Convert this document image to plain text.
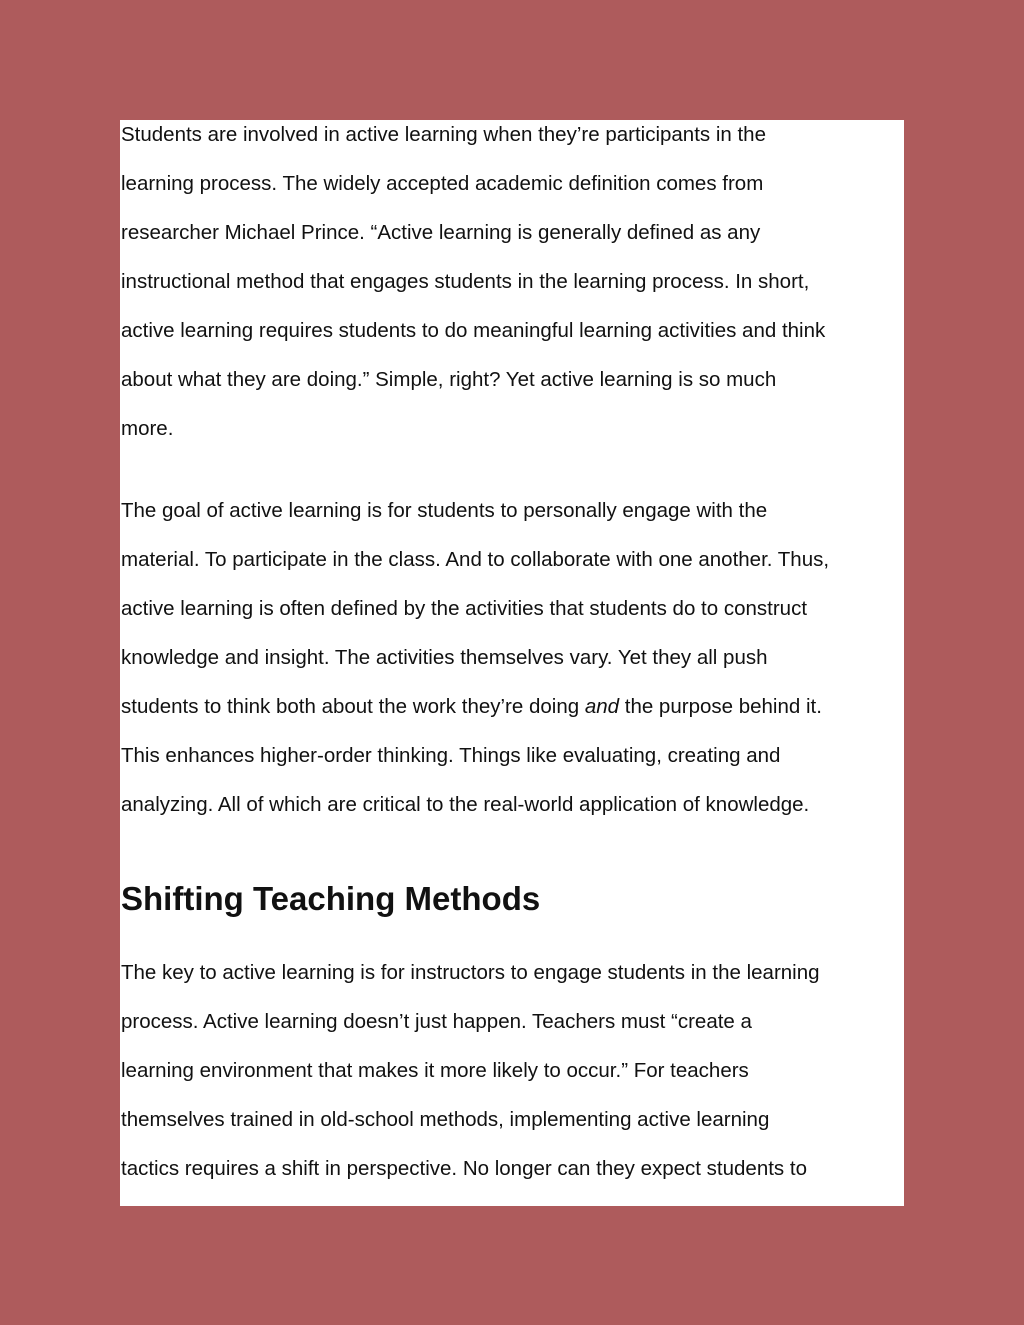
Students are involved in active learning when they’re participants in the
learning process. The widely accepted academic definition comes from
researcher Michael Prince. “Active learning is generally defined as any
instructional method that engages students in the learning process. In short,
active learning requires students to do meaningful learning activities and think
about what they are doing.” Simple, right? Yet active learning is so much
more.

The goal of active learning is for students to personally engage with the
material. To participate in the class. And to collaborate with one another. Thus,
active learning is often defined by the activities that students do to construct
knowledge and insight. The activities themselves vary. Yet they all push
students to think both about the work they’re doing and the purpose behind it.
This enhances higher-order thinking. Things like evaluating, creating and
analyzing. All of which are critical to the real-world application of knowledge.

Shifting Teaching Methods

The key to active learning is for instructors to engage students in the learning
process. Active learning doesn’t just happen. Teachers must “create a
learning environment that makes it more likely to occur.” For teachers
themselves trained in old-school methods, implementing active learning
tactics requires a shift in perspective. No longer can they expect students to
